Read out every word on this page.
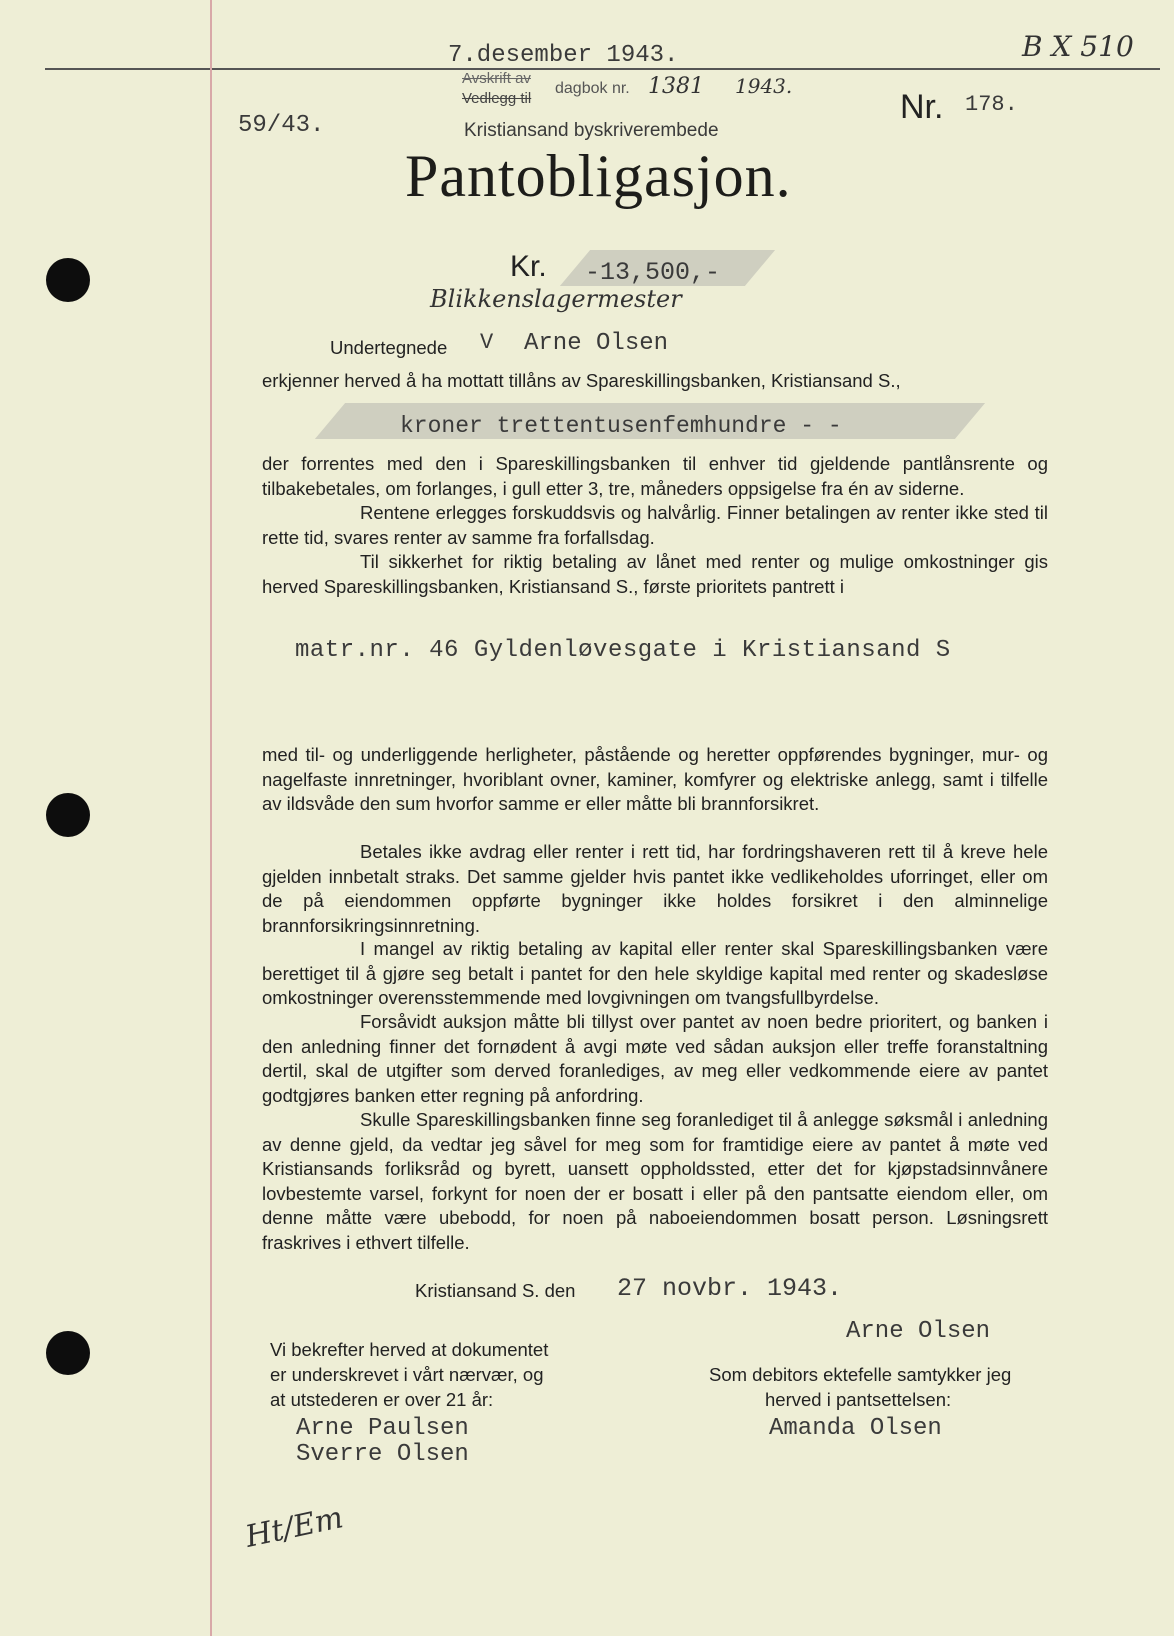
7.desember 1943.	B X 510
59/43.
Avskrift av
Vedlegg til
dagbok nr. 1381 1943.
Kristiansand byskriverembede
Nr. 178.
Pantobligasjon.
Kr. -13,500,-
Blikkenslagermester
Undertegnede V Arne Olsen
erkjenner herved å ha mottatt tillåns av Spareskillingsbanken, Kristiansand S.,
kroner trettentusenfemhundre - -
der forrentes med den i Spareskillingsbanken til enhver tid gjeldende pantlånsrente og tilbakebetales, om forlanges, i gull etter 3, tre, måneders oppsigelse fra én av siderne.
Rentene erlegges forskuddsvis og halvårlig. Finner betalingen av renter ikke sted til rette tid, svares renter av samme fra forfallsdag.
Til sikkerhet for riktig betaling av lånet med renter og mulige omkostninger gis herved Spareskillingsbanken, Kristiansand S., første prioritets pantrett i
matr.nr. 46 Gyldenløvesgate i Kristiansand S
med til- og underliggende herligheter, påstående og heretter oppførendes bygninger, mur- og nagelfaste innretninger, hvoriblant ovner, kaminer, komfyrer og elektriske anlegg, samt i tilfelle av ildsvåde den sum hvorfor samme er eller måtte bli brannforsikret.
Betales ikke avdrag eller renter i rett tid, har fordringshaveren rett til å kreve hele gjelden innbetalt straks. Det samme gjelder hvis pantet ikke vedlikeholdes uforringet, eller om de på eiendommen oppførte bygninger ikke holdes forsikret i den alminnelige brannforsikringsinnretning.
I mangel av riktig betaling av kapital eller renter skal Spareskillingsbanken være berettiget til å gjøre seg betalt i pantet for den hele skyldige kapital med renter og skadesløse omkostninger overensstemmende med lovgivningen om tvangsfullbyrdelse.
Forsåvidt auksjon måtte bli tillyst over pantet av noen bedre prioritert, og banken i den anledning finner det fornødent å avgi møte ved sådan auksjon eller treffe foranstaltning dertil, skal de utgifter som derved foranlediges, av meg eller vedkommende eiere av pantet godtgjøres banken etter regning på anfordring.
Skulle Spareskillingsbanken finne seg foranlediget til å anlegge søksmål i anledning av denne gjeld, da vedtar jeg såvel for meg som for framtidige eiere av pantet å møte ved Kristiansands forliksråd og byrett, uansett oppholdssted, etter det for kjøpstadsinnvånere lovbestemte varsel, forkynt for noen der er bosatt i eller på den pantsatte eiendom eller, om denne måtte være ubebodd, for noen på naboeiendommen bosatt person. Løsningsrett fraskrives i ethvert tilfelle.
Kristiansand S. den 27 novbr. 1943.
Arne Olsen
Vi bekrefter herved at dokumentet
er underskrevet i vårt nærvær, og
at utstederen er over 21 år:
Arne Paulsen
Sverre Olsen
Som debitors ektefelle samtykker jeg
herved i pantsettelsen:
Amanda Olsen
Ht/Em
